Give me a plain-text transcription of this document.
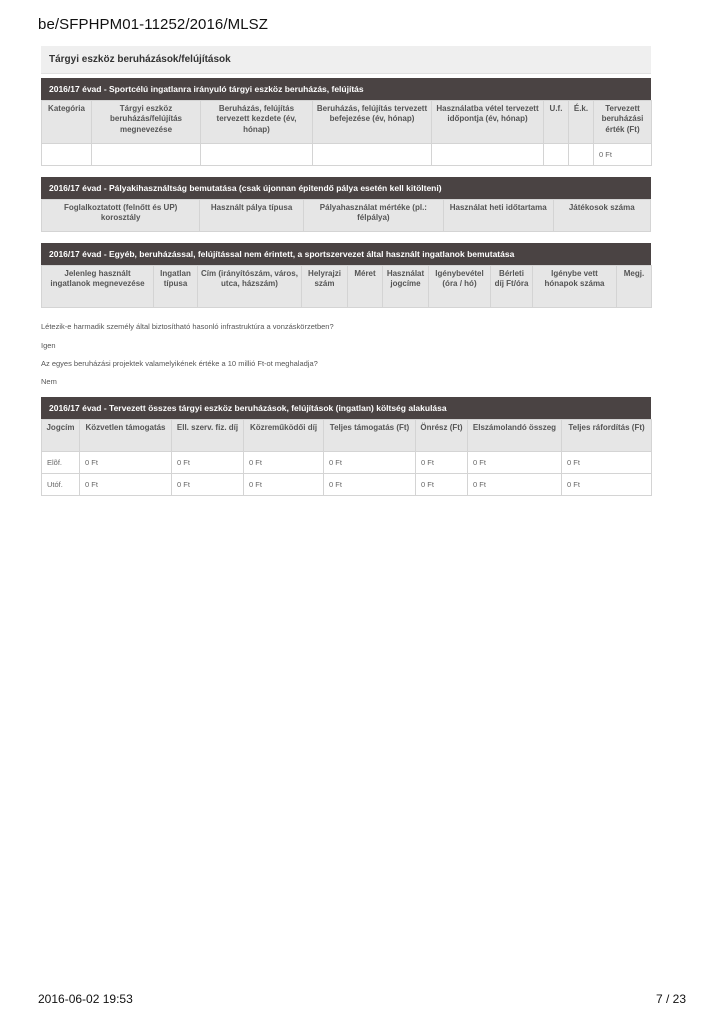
be/SFPHPM01-11252/2016/MLSZ
Tárgyi eszköz beruházások/felújítások
2016/17 évad - Sportcélú ingatlanra irányuló tárgyi eszköz beruházás, felújítás
Kategória	Tárgyi eszköz beruházás/felújítás megnevezése	Beruházás, felújítás tervezett kezdete (év, hónap)	Beruházás, felújítás tervezett befejezése (év, hónap)	Használatba vétel tervezett időpontja (év, hónap)	U.f.	É.k.	Tervezett beruházási érték (Ft)
							0 Ft
2016/17 évad - Pályakihasználtság bemutatása (csak újonnan épitendő pálya esetén kell kitölteni)
Foglalkoztatott (felnőtt és UP) korosztály	Használt pálya típusa	Pályahasználat mértéke (pl.: félpálya)	Használat heti időtartama	Játékosok száma
2016/17 évad - Egyéb, beruházással, felújítással nem érintett, a sportszervezet által használt ingatlanok bemutatása
Jelenleg használt ingatlanok megnevezése	Ingatlan típusa	Cím (irányítószám, város, utca, házszám)	Helyrajzi szám	Méret	Használat jogcíme	Igénybevétel (óra / hó)	Bérleti díj Ft/óra	Igénybe vett hónapok száma	Megj.

Létezik-e harmadik személy által biztosítható hasonló infrastruktúra a vonzáskörzetben?

Igen

Az egyes beruházási projektek valamelyikének értéke a 10 millió Ft-ot meghaladja?

Nem

2016/17 évad - Tervezett összes tárgyi eszköz beruházások, felújítások (ingatlan) költség alakulása
Jogcím	Közvetlen támogatás	Ell. szerv. fiz. díj	Közreműködői díj	Teljes támogatás (Ft)	Önrész (Ft)	Elszámolandó összeg	Teljes ráfordítás (Ft)
Elõf.	0 Ft	0 Ft	0 Ft	0 Ft	0 Ft	0 Ft	0 Ft
Utóf.	0 Ft	0 Ft	0 Ft	0 Ft	0 Ft	0 Ft	0 Ft
2016-06-02 19:53	7 / 23
